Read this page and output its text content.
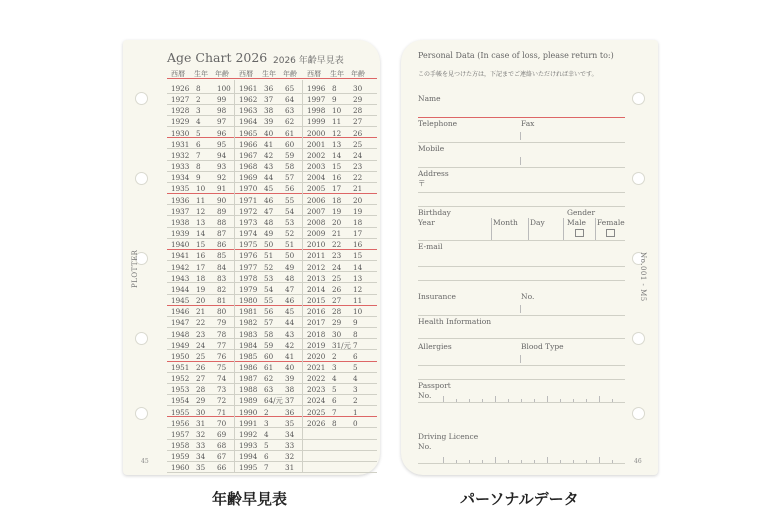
PLOTTER
Age Chart 2026 2026 年齢早見表
西暦 生年 年齢 西暦 生年 年齢 西暦 生年 年齢
1926 8 100 1961 36 65 1996 8 30
1927 2 99 1962 37 64 1997 9 29
1928 3 98 1963 38 63 1998 10 28
1929 4 97 1964 39 62 1999 11 27
1930 5 96 1965 40 61 2000 12 26
1931 6 95 1966 41 60 2001 13 25
1932 7 94 1967 42 59 2002 14 24
1933 8 93 1968 43 58 2003 15 23
1934 9 92 1969 44 57 2004 16 22
1935 10 91 1970 45 56 2005 17 21
1936 11 90 1971 46 55 2006 18 20
1937 12 89 1972 47 54 2007 19 19
1938 13 88 1973 48 53 2008 20 18
1939 14 87 1974 49 52 2009 21 17
1940 15 86 1975 50 51 2010 22 16
1941 16 85 1976 51 50 2011 23 15
1942 17 84 1977 52 49 2012 24 14
1943 18 83 1978 53 48 2013 25 13
1944 19 82 1979 54 47 2014 26 12
1945 20 81 1980 55 46 2015 27 11
1946 21 80 1981 56 45 2016 28 10
1947 22 79 1982 57 44 2017 29 9
1948 23 78 1983 58 43 2018 30 8
1949 24 77 1984 59 42 2019 31/元 7
1950 25 76 1985 60 41 2020 2 6
1951 26 75 1986 61 40 2021 3 5
1952 27 74 1987 62 39 2022 4 4
1953 28 73 1988 63 38 2023 5 3
1954 29 72 1989 64/元 37 2024 6 2
1955 30 71 1990 2 36 2025 7 1
1956 31 70 1991 3 35 2026 8 0
1957 32 69 1992 4 34
1958 33 68 1993 5 33
1959 34 67 1994 6 32
1960 35 66 1995 7 31
45
No.001 - M5
Personal Data (In case of loss, please return to:)
この手帳を見つけた方は，下記までご連絡いただければ幸いです。
Name
Telephone	Fax
Mobile
Address
〒
Birthday	Gender
Year	Month Day	Male Female
E-mail
Insurance	No.
Health Information
Allergies	Blood Type
Passport
No.
Driving Licence
No.
46
年齢早見表	パーソナルデータ
